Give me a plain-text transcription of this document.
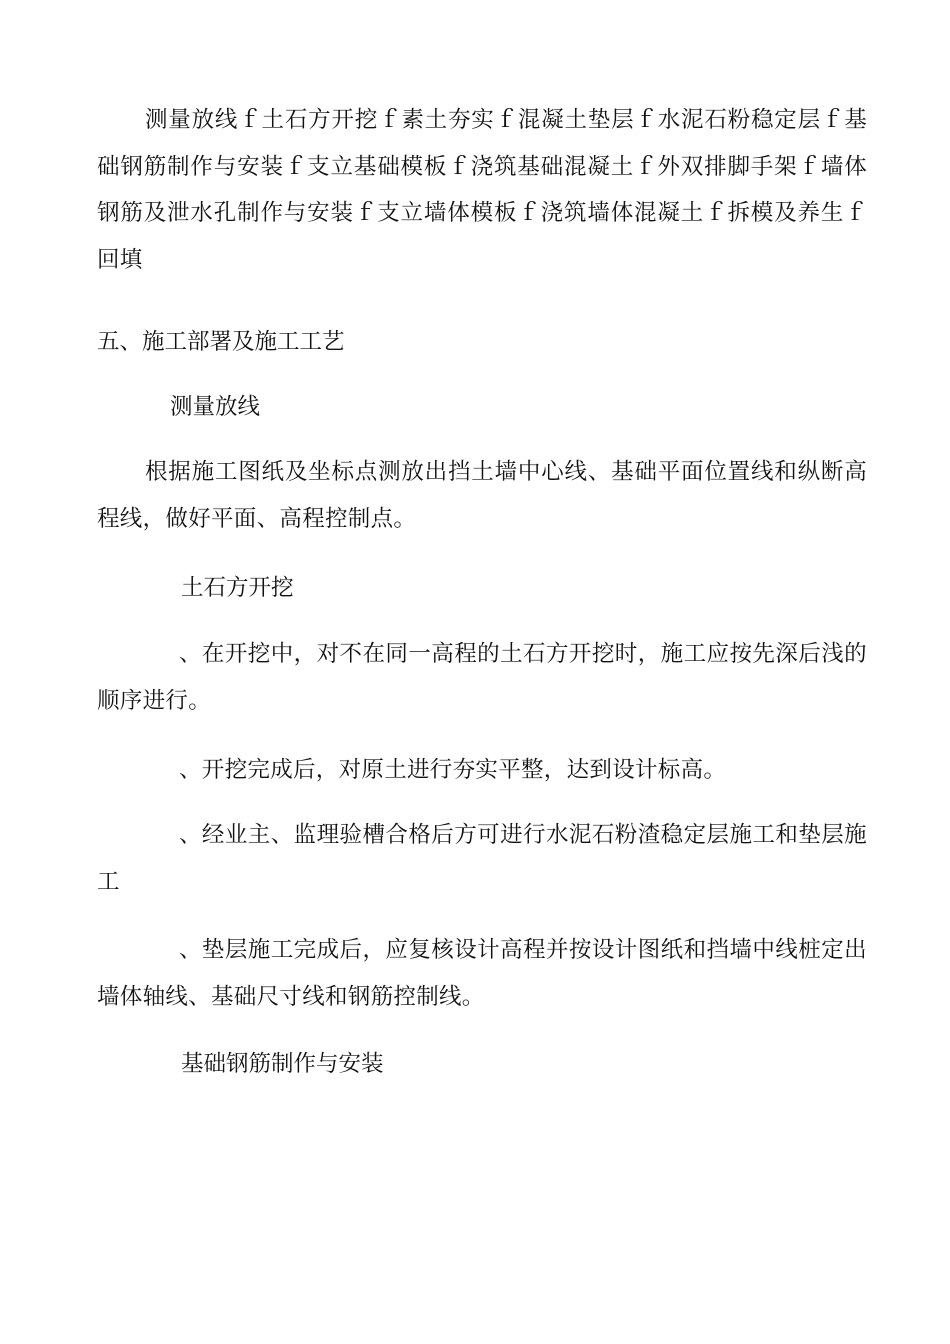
测量放线ｆ土石方开挖ｆ素土夯实ｆ混凝土垫层ｆ水泥石粉稳定层ｆ基础钢筋制作与安装ｆ支立基础模板ｆ浇筑基础混凝土ｆ外双排脚手架ｆ墙体钢筋及泄水孔制作与安装ｆ支立墙体模板ｆ浇筑墙体混凝土ｆ拆模及养生ｆ回填

五、施工部署及施工工艺

测量放线

根据施工图纸及坐标点测放出挡土墙中心线、基础平面位置线和纵断高程线，做好平面、高程控制点。

土石方开挖

、在开挖中，对不在同一高程的土石方开挖时，施工应按先深后浅的顺序进行。

、开挖完成后，对原土进行夯实平整，达到设计标高。

、经业主、监理验槽合格后方可进行水泥石粉渣稳定层施工和垫层施工

、垫层施工完成后，应复核设计高程并按设计图纸和挡墙中线桩定出墙体轴线、基础尺寸线和钢筋控制线。

基础钢筋制作与安装
